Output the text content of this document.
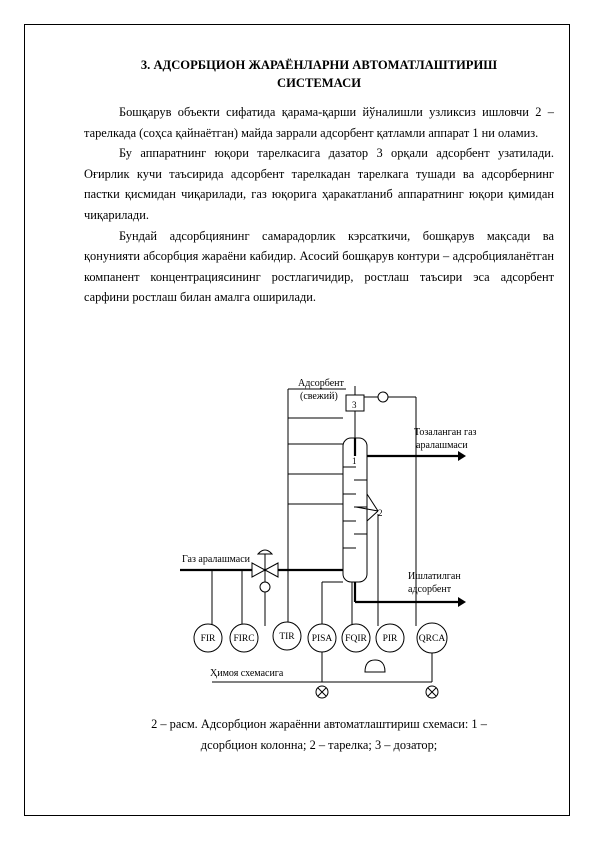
3. АДСОРБЦИОН ЖАРАЁНЛАРНИ АВТОМАТЛАШТИРИШ
СИСТЕМАСИ

Бошқарув объекти сифатида қарама-қарши йўналишли узликсиз ишловчи 2 – тарелкада (соҳса қайнаётган) майда заррали адсорбент қатламли аппарат 1 ни оламиз.

Бу аппаратнинг юқори тарелкасига дазатор 3 орқали адсорбент узатилади. Оғирлик кучи таъсирида адсорбент тарелкадан тарелкага тушади ва адсорбернинг пастки қисмидан чиқарилади, газ юқорига ҳаракатланиб аппаратнинг юқори қимидан чиқарилади.

Бундай адсорбциянинг самарадорлик кэрсаткичи, бошқарув мақсади ва қонунияти абсорбция жараёни кабидир. Асосий бошқарув контури – адсробцияланётган компанент концентрациясининг ростлагичидир, ростлаш таъсири эса адсорбент сарфини ростлаш билан амалга оширилади.

Адсорбент
(свежий)
3
1
2
Тозаланган газ
аралашмаси
Газ аралашмаси
Ишлатилган
адсорбент
Ҳимоя схемасига
FIR FIRC	TIR PISA FQIR PIR QRCA
2 – расм. Адсорбцион жараённи автоматлаштириш схемаси: 1 –
дсорбцион колонна; 2 – тарелка; 3 – дозатор;
